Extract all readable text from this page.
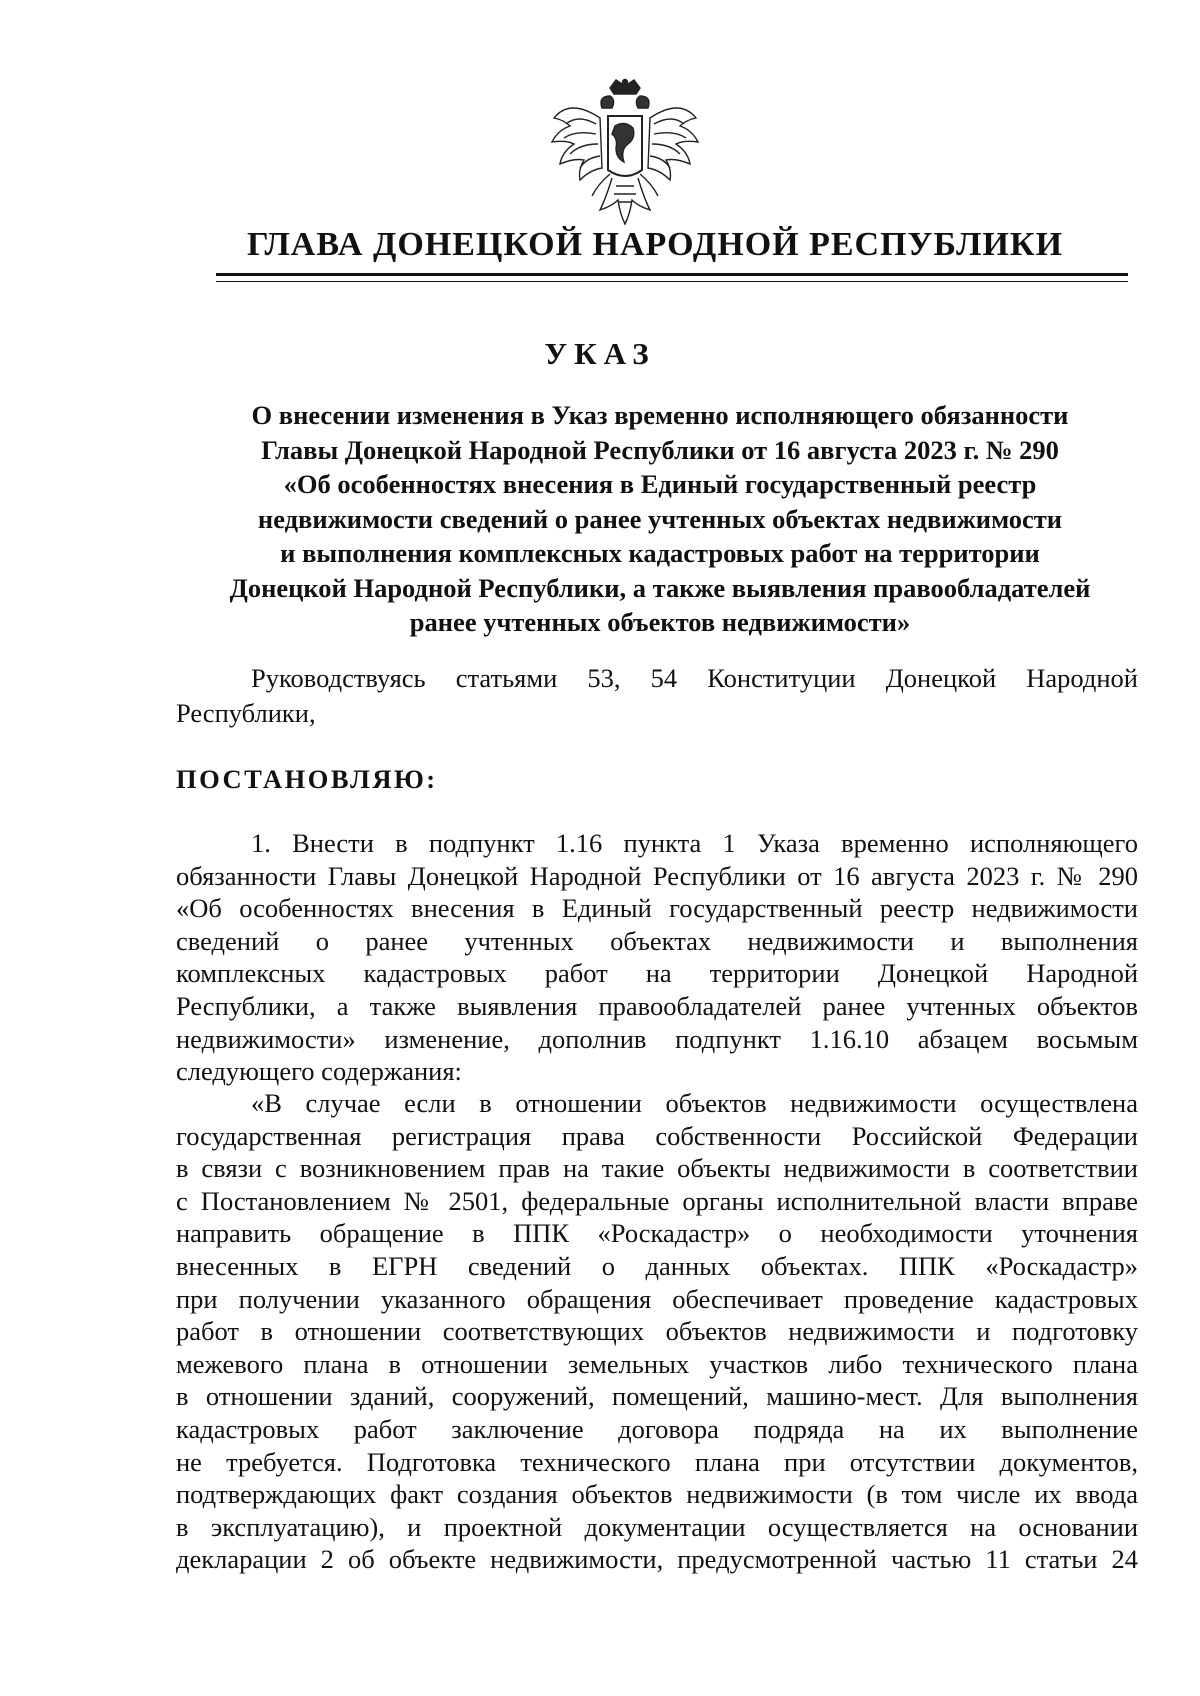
ГЛАВА ДОНЕЦКОЙ НАРОДНОЙ РЕСПУБЛИКИ
УКАЗ
О внесении изменения в Указ временно исполняющего обязанности
Главы Донецкой Народной Республики от 16 августа 2023 г. № 290
«Об особенностях внесения в Единый государственный реестр
недвижимости сведений о ранее учтенных объектах недвижимости
и выполнения комплексных кадастровых работ на территории
Донецкой Народной Республики, а также выявления правообладателей
ранее учтенных объектов недвижимости»
Руководствуясь статьями 53, 54 Конституции Донецкой Народной
Республики,
ПОСТАНОВЛЯЮ:
1. Внести в подпункт 1.16 пункта 1 Указа временно исполняющего
обязанности Главы Донецкой Народной Республики от 16 августа 2023 г. № 290
«Об особенностях внесения в Единый государственный реестр недвижимости
сведений о ранее учтенных объектах недвижимости и выполнения
комплексных кадастровых работ на территории Донецкой Народной
Республики, а также выявления правообладателей ранее учтенных объектов
недвижимости» изменение, дополнив подпункт 1.16.10 абзацем восьмым
следующего содержания:
«В случае если в отношении объектов недвижимости осуществлена
государственная регистрация права собственности Российской Федерации
в связи с возникновением прав на такие объекты недвижимости в соответствии
с Постановлением № 2501, федеральные органы исполнительной власти вправе
направить обращение в ППК «Роскадастр» о необходимости уточнения
внесенных в ЕГРН сведений о данных объектах. ППК «Роскадастр»
при получении указанного обращения обеспечивает проведение кадастровых
работ в отношении соответствующих объектов недвижимости и подготовку
межевого плана в отношении земельных участков либо технического плана
в отношении зданий, сооружений, помещений, машино-мест. Для выполнения
кадастровых работ заключение договора подряда на их выполнение
не требуется. Подготовка технического плана при отсутствии документов,
подтверждающих факт создания объектов недвижимости (в том числе их ввода
в эксплуатацию), и проектной документации осуществляется на основании
декларации 2 об объекте недвижимости, предусмотренной частью 11 статьи 24
